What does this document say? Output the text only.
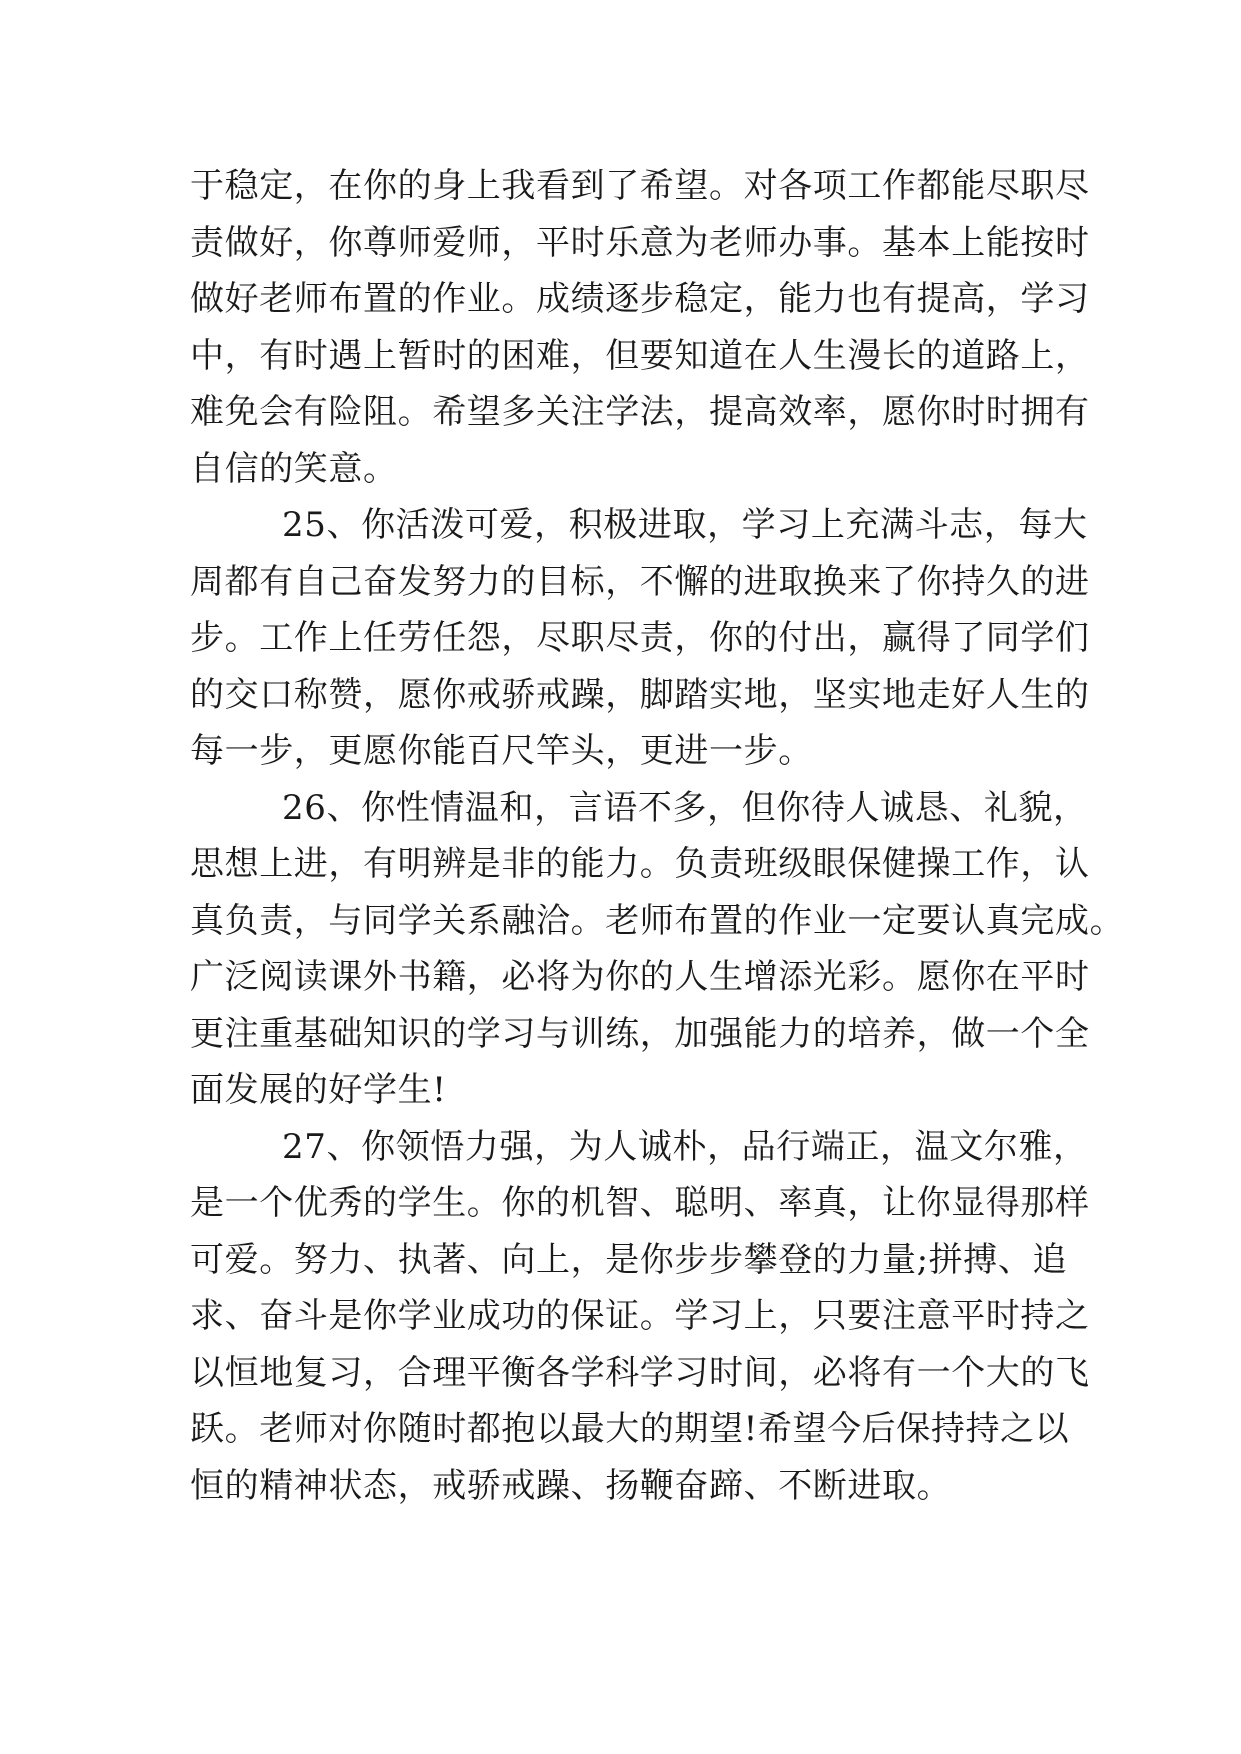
于稳定，在你的身上我看到了希望。对各项工作都能尽职尽
责做好，你尊师爱师，平时乐意为老师办事。基本上能按时
做好老师布置的作业。成绩逐步稳定，能力也有提高，学习
中，有时遇上暂时的困难，但要知道在人生漫长的道路上，
难免会有险阻。希望多关注学法，提高效率，愿你时时拥有
自信的笑意。
25、你活泼可爱，积极进取，学习上充满斗志，每大
周都有自己奋发努力的目标，不懈的进取换来了你持久的进
步。工作上任劳任怨，尽职尽责，你的付出，赢得了同学们
的交口称赞，愿你戒骄戒躁，脚踏实地，坚实地走好人生的
每一步，更愿你能百尺竿头，更进一步。
26、你性情温和，言语不多，但你待人诚恳、礼貌，
思想上进，有明辨是非的能力。负责班级眼保健操工作，认
真负责，与同学关系融洽。老师布置的作业一定要认真完成。
广泛阅读课外书籍，必将为你的人生增添光彩。愿你在平时
更注重基础知识的学习与训练，加强能力的培养，做一个全
面发展的好学生!
27、你领悟力强，为人诚朴，品行端正，温文尔雅，
是一个优秀的学生。你的机智、聪明、率真，让你显得那样
可爱。努力、执著、向上，是你步步攀登的力量;拼搏、追
求、奋斗是你学业成功的保证。学习上，只要注意平时持之
以恒地复习，合理平衡各学科学习时间，必将有一个大的飞
跃。老师对你随时都抱以最大的期望!希望今后保持持之以
恒的精神状态，戒骄戒躁、扬鞭奋蹄、不断进取。
